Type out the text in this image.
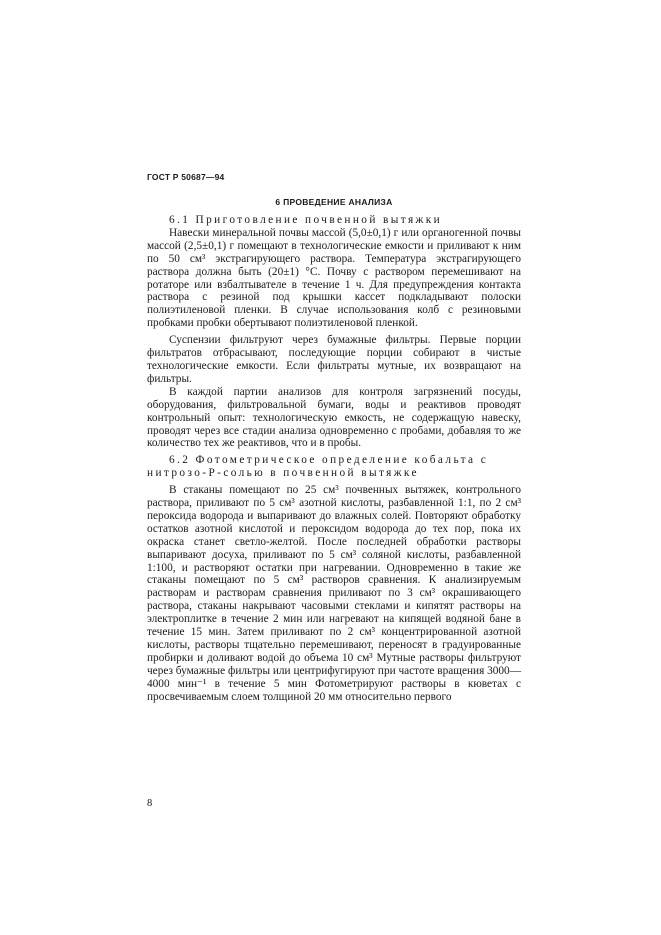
ГОСТ Р 50687—94
6 ПРОВЕДЕНИЕ АНАЛИЗА

6.1 Приготовление почвенной вытяжки

Навески минеральной почвы массой (5,0±0,1) г или органогенной почвы массой (2,5±0,1) г помещают в технологические емкости и приливают к ним по 50 см³ экстрагирующего раствора. Температура экстрагирующего раствора должна быть (20±1) °С. Почву с раствором перемешивают на ротаторе или взбалтывателе в течение 1 ч. Для предупреждения контакта раствора с резиной под крышки кассет подкладывают полоски полиэтиленовой пленки. В случае использования колб с резиновыми пробками пробки обертывают полиэтиленовой пленкой.

Суспензии фильтруют через бумажные фильтры. Первые порции фильтратов отбрасывают, последующие порции собирают в чистые технологические емкости. Если фильтраты мутные, их возвращают на фильтры.

В каждой партии анализов для контроля загрязнений посуды, оборудования, фильтровальной бумаги, воды и реактивов проводят контрольный опыт: технологическую емкость, не содержащую навеску, проводят через все стадии анализа одновременно с пробами, добавляя то же количество тех же реактивов, что и в пробы.

6.2 Фотометрическое определение кобальта с

нитрозо-Р-солью в почвенной вытяжке

В стаканы помещают по 25 см³ почвенных вытяжек, контрольного раствора, приливают по 5 см³ азотной кислоты, разбавленной 1:1, по 2 см³ пероксида водорода и выпаривают до влажных солей. Повторяют обработку остатков азотной кислотой и пероксидом водорода до тех пор, пока их окраска станет светло-желтой. После последней обработки растворы выпаривают досуха, приливают по 5 см³ соляной кислоты, разбавленной 1:100, и растворяют остатки при нагревании. Одновременно в такие же стаканы помещают по 5 см³ растворов сравнения. К анализируемым растворам и растворам сравнения приливают по 3 см³ окрашивающего раствора, стаканы накрывают часовыми стеклами и кипятят растворы на электроплитке в течение 2 мин или нагревают на кипящей водяной бане в течение 15 мин. Затем приливают по 2 см³ концентрированной азотной кислоты, растворы тщательно перемешивают, переносят в градуированные пробирки и доливают водой до объема 10 см³ Мутные растворы фильтруют через бумажные фильтры или центрифугируют при частоте вращения 3000—4000 мин⁻¹ в течение 5 мин Фотометрируют растворы в кюветах с просвечиваемым слоем толщиной 20 мм относительно первого

8
